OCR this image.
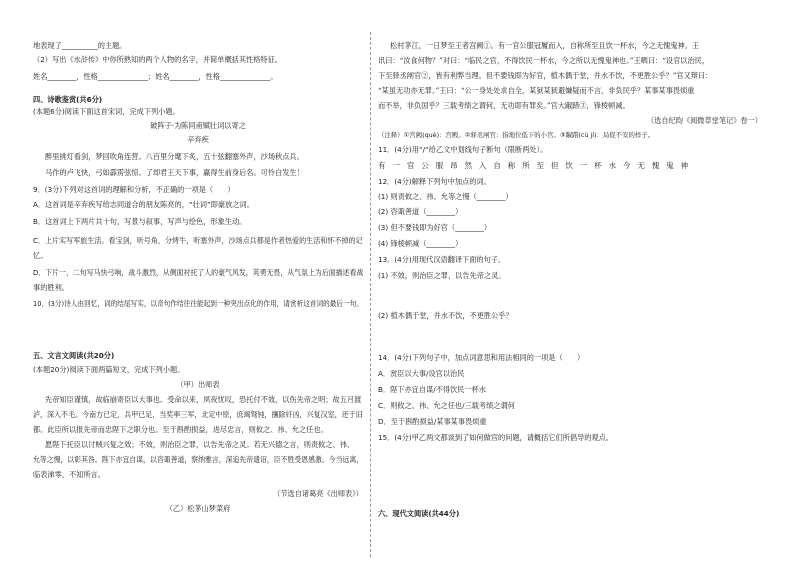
地表现了__________的主题。
（2）写出《水浒传》中你所熟知的两个人物的名字，并简单概括其性格特征。
姓名________，性格______________；姓名________，性格______________。
四、诗歌鉴赏(共6分)
(本题6分)阅读下面这首宋词，完成下列小题。
破阵子·为陈同甫赋壮词以寄之
辛弃疾
醉里挑灯看剑，梦回吹角连营。八百里分麾下炙，五十弦翻塞外声，沙场秋点兵。
马作的卢飞快，弓如霹雳弦惊。了却君王天下事，赢得生前身后名。可怜白发生！
9．(3分)下列对这首词的理解和分析，不正确的一项是（　　）
A．这首词是辛弃疾写给志同道合的朋友陈亮的，“壮词”即豪放之词。
B．这首词上下两片共十句，写景与叙事，写声与绘色，形象生动。
C．上片实写军旅生活。看宝剑，听号角，分烤牛，听塞外声，沙场点兵都是作者热爱的生活和怀不掉的记
忆。
D．下片一、二句写马快弓响，战斗激烈，从侧面衬托了人的豪气风发，英勇无畏，从气氛上为后面描述看战
事的胜利。
10．(3分)诗人由回忆，词的结尾写实，以奇句作结往往能起到一种突出点化的作用，请赏析这首词的最后一句。
五、文言文阅读(共20分)
(本题20分)阅读下面两篇短文，完成下列小题。
（甲）出师表
先帝知臣谨慎，故临崩寄臣以大事也。受命以来，夙夜忧叹，恐托付不效，以伤先帝之明；故五月渡
泸，深入不毛。今南方已定，兵甲已足，当奖率三军，北定中原，庶竭驽钝，攘除奸凶，兴复汉室，还于旧
都。此臣所以报先帝而忠陛下之职分也。至于斟酌损益，进尽忠言，则攸之、祎、允之任也。
愿陛下托臣以讨贼兴复之效；不效，则治臣之罪，以告先帝之灵。若无兴德之言，则责攸之、祎、
允等之慢，以彰其咎。陛下亦宜自谋，以咨诹善道，察纳雅言，深追先帝遗诏，臣不胜受恩感激。今当远离，
临表涕零，不知所言。
（节选自诸葛亮《出师表》）
（乙）松茅山梦菜府
松村茅江，一日梦至王者宫阙①。有一官公服冠履而入，自称所至且饮一杯水，今之无愧鬼神。王
讯曰：“汝食何物？”对曰：“临民之官，不得饮民一杯水，今之所以无愧鬼神也。”王哂曰：“设官以治民，
下至驿丞闸官②，皆有利弊当理。但不要钱即为好官，植木偶于堂，并水不饮，不更胜公乎？”官又辩曰：
“某虽无功亦无罪。”王曰：“公一身处处求自全，某狱某狱避嫌疑而不言，非负民乎？某事某事畏烦重
而不举，非负国乎？三载考绩之谓何，无功即有罪矣。”官大踧踖③，锋棱顿减。
（选自纪昀《阅微草堂笔记》卷一）
（注释）①宫阙(què)：宫殿。②驿丞闸官：指地位低下的小官。③踧踖(cù jí)：局促不安的样子。
11．(4分)用“/”给乙文中划线句子断句（限断两处）。
有 一 官 公 服 昂 然 入 自 称 所 至 但 饮 一 杯 水 今 无 愧 鬼 神
12．(4分)解释下列句中加点的词。
(1) 则责攸之、祎、允等之慢（________）
(2) 咨诹善道（________）
(3) 但不要钱即为好官（________）
(4) 锋棱顿减（________）
13．(4分)用现代汉语翻译下面的句子。
(1) 不效，则治臣之罪，以告先帝之灵。
(2) 植木偶于堂，并水不饮，不更胜公乎？
14．(4分)下列句子中，加点词意思和用法相同的一项是（　　）
A．赏臣以大事/设官以治民
B．陛下亦宜自谋/不得饮民一杯水
C．则攸之、祎、允之任也/三载考绩之谓何
D．至于斟酌损益/某事某事畏烦重
15．(4分)甲乙两文都谈到了如何做官的问题，请概括它们所倡导的观点。
六、现代文阅读(共44分)
